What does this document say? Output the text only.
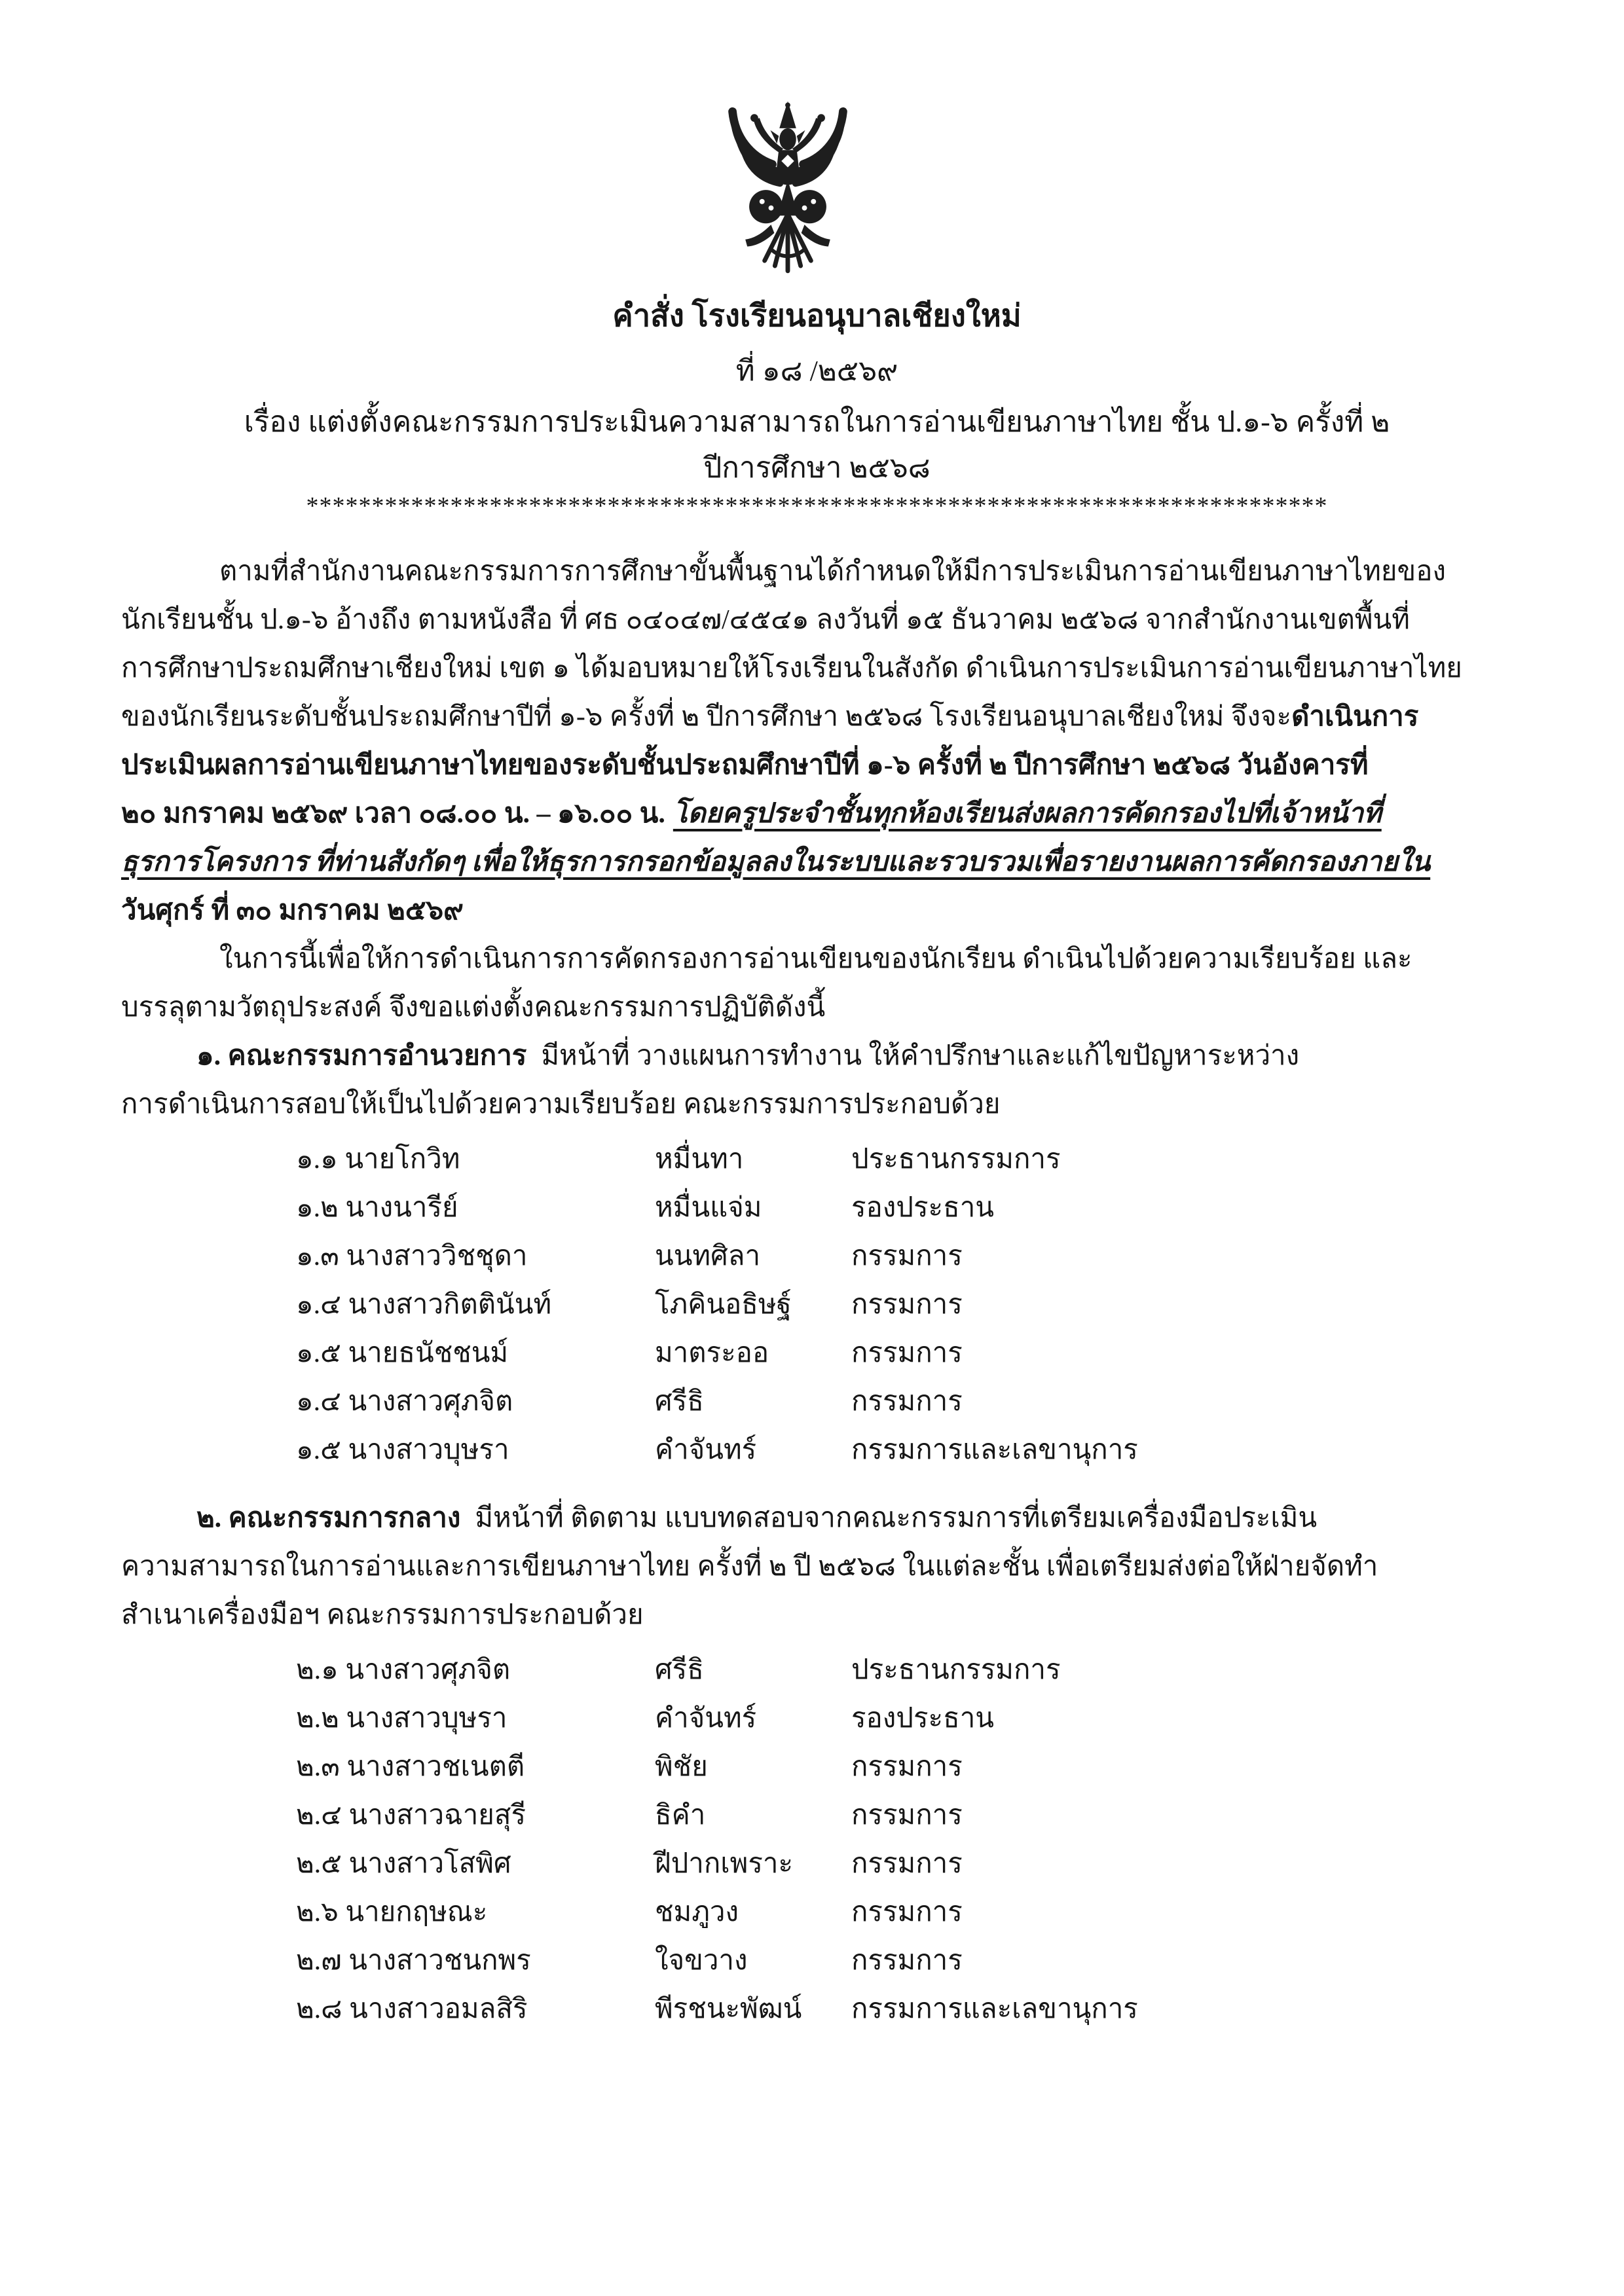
คำสั่ง โรงเรียนอนุบาลเชียงใหม่
ที่ ๑๘ /๒๕๖๙
เรื่อง แต่งตั้งคณะกรรมการประเมินความสามารถในการอ่านเขียนภาษาไทย ชั้น ป.๑-๖ ครั้งที่ ๒
ปีการศึกษา ๒๕๖๘
******************************************************************************
ตามที่สำนักงานคณะกรรมการการศึกษาขั้นพื้นฐานได้กำหนดให้มีการประเมินการอ่านเขียนภาษาไทยของ
นักเรียนชั้น ป.๑-๖ อ้างถึง ตามหนังสือ ที่ ศธ ๐๔๐๔๗/๔๕๔๑ ลงวันที่ ๑๕ ธันวาคม ๒๕๖๘ จากสำนักงานเขตพื้นที่
การศึกษาประถมศึกษาเชียงใหม่ เขต ๑ ได้มอบหมายให้โรงเรียนในสังกัด ดำเนินการประเมินการอ่านเขียนภาษาไทย
ของนักเรียนระดับชั้นประถมศึกษาปีที่ ๑-๖ ครั้งที่ ๒ ปีการศึกษา ๒๕๖๘ โรงเรียนอนุบาลเชียงใหม่ จึงจะดำเนินการ
ประเมินผลการอ่านเขียนภาษาไทยของระดับชั้นประถมศึกษาปีที่ ๑-๖ ครั้งที่ ๒ ปีการศึกษา ๒๕๖๘ วันอังคารที่
๒๐ มกราคม ๒๕๖๙ เวลา ๐๘.๐๐ น. – ๑๖.๐๐ น. โดยครูประจำชั้นทุกห้องเรียนส่งผลการคัดกรองไปที่เจ้าหน้าที่
ธุรการโครงการ ที่ท่านสังกัดๆ เพื่อให้ธุรการกรอกข้อมูลลงในระบบและรวบรวมเพื่อรายงานผลการคัดกรองภายใน
วันศุกร์ ที่ ๓๐ มกราคม ๒๕๖๙
ในการนี้เพื่อให้การดำเนินการการคัดกรองการอ่านเขียนของนักเรียน ดำเนินไปด้วยความเรียบร้อย และ
บรรลุตามวัตถุประสงค์ จึงขอแต่งตั้งคณะกรรมการปฏิบัติดังนี้
๑. คณะกรรมการอำนวยการ มีหน้าที่ วางแผนการทำงาน ให้คำปรึกษาและแก้ไขปัญหาระหว่าง
การดำเนินการสอบให้เป็นไปด้วยความเรียบร้อย คณะกรรมการประกอบด้วย
๑.๑ นายโกวิท	หมื่นทา	ประธานกรรมการ
๑.๒ นางนารีย์	หมื่นแจ่ม	รองประธาน
๑.๓ นางสาววิชชุดา	นนทศิลา	กรรมการ
๑.๔ นางสาวกิตตินันท์	โภคินอธิษฐ์	กรรมการ
๑.๕ นายธนัชชนม์	มาตระออ	กรรมการ
๑.๔ นางสาวศุภจิต	ศรีธิ	กรรมการ
๑.๕ นางสาวบุษรา	คำจันทร์	กรรมการและเลขานุการ
๒. คณะกรรมการกลาง มีหน้าที่ ติดตาม แบบทดสอบจากคณะกรรมการที่เตรียมเครื่องมือประเมิน
ความสามารถในการอ่านและการเขียนภาษาไทย ครั้งที่ ๒ ปี ๒๕๖๘ ในแต่ละชั้น เพื่อเตรียมส่งต่อให้ฝ่ายจัดทำ
สำเนาเครื่องมือฯ คณะกรรมการประกอบด้วย
๒.๑ นางสาวศุภจิต	ศรีธิ	ประธานกรรมการ
๒.๒ นางสาวบุษรา	คำจันทร์	รองประธาน
๒.๓ นางสาวชเนตตี	พิชัย	กรรมการ
๒.๔ นางสาวฉายสุรี	ธิคำ	กรรมการ
๒.๕ นางสาวโสพิศ	ฝีปากเพราะ	กรรมการ
๒.๖ นายกฤษณะ	ชมภูวง	กรรมการ
๒.๗ นางสาวชนกพร	ใจขวาง	กรรมการ
๒.๘ นางสาวอมลสิริ	พีรชนะพัฒน์	กรรมการและเลขานุการ
